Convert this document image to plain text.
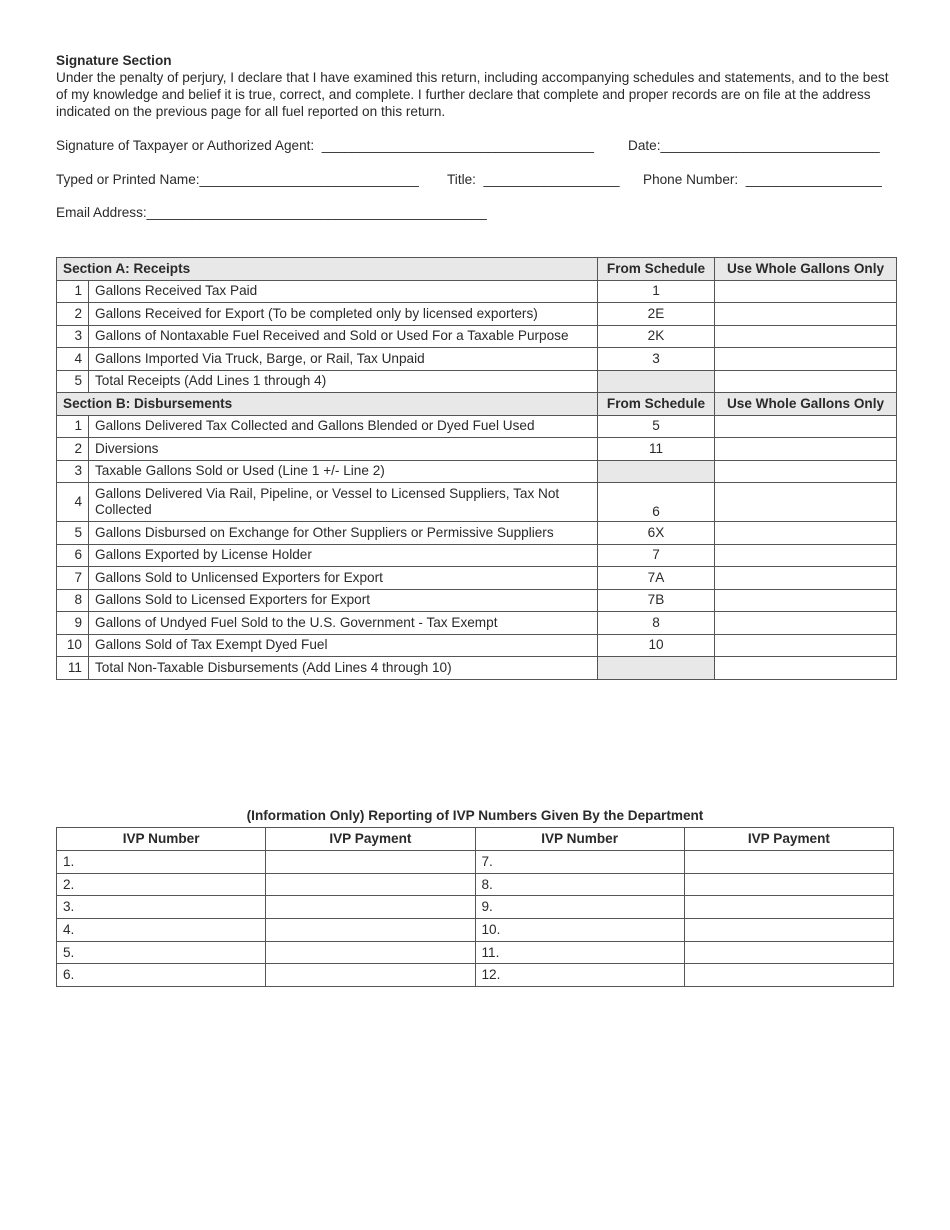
Signature Section

Under the penalty of perjury, I declare that I have examined this return, including accompanying schedules and statements, and to the best of my knowledge and belief it is true, correct, and complete. I further declare that complete and proper records are on file at the address indicated on the previous page for all fuel reported on this return.

Signature of Taxpayer or Authorized Agent:  ____________________________________	Date:_____________________________
Typed or Printed Name:_____________________________ Title:  __________________ Phone Number:  __________________
Email Address:_____________________________________________
Section A: Receipts		From Schedule	Use Whole Gallons Only
1	Gallons Received Tax Paid	1	
2	Gallons Received for Export (To be completed only by licensed exporters)	2E	
3	Gallons of Nontaxable Fuel Received and Sold or Used For a Taxable Purpose	2K	
4	Gallons Imported Via Truck, Barge, or Rail, Tax Unpaid	3	
5	Total Receipts (Add Lines 1 through 4)		
Section B: Disbursements		From Schedule	Use Whole Gallons Only
1	Gallons Delivered Tax Collected and Gallons Blended or Dyed Fuel Used	5	
2	Diversions	11	
3	Taxable Gallons Sold or Used (Line 1 +/- Line 2)		
4	Gallons Delivered Via Rail, Pipeline, or Vessel to Licensed Suppliers, Tax Not Collected	6	
5	Gallons Disbursed on Exchange for Other Suppliers or Permissive Suppliers	6X	
6	Gallons Exported by License Holder	7	
7	Gallons Sold to Unlicensed Exporters for Export	7A	
8	Gallons Sold to Licensed Exporters for Export	7B	
9	Gallons of Undyed Fuel Sold to the U.S. Government - Tax Exempt	8	
10	Gallons Sold of Tax Exempt Dyed Fuel	10	
11	Total Non-Taxable Disbursements (Add Lines 4 through 10)		
(Information Only) Reporting of IVP Numbers Given By the Department
IVP Number	IVP Payment	IVP Number	IVP Payment
1.		7.	
2.		8.	
3.		9.	
4.		10.	
5.		11.	
6.		12.	
